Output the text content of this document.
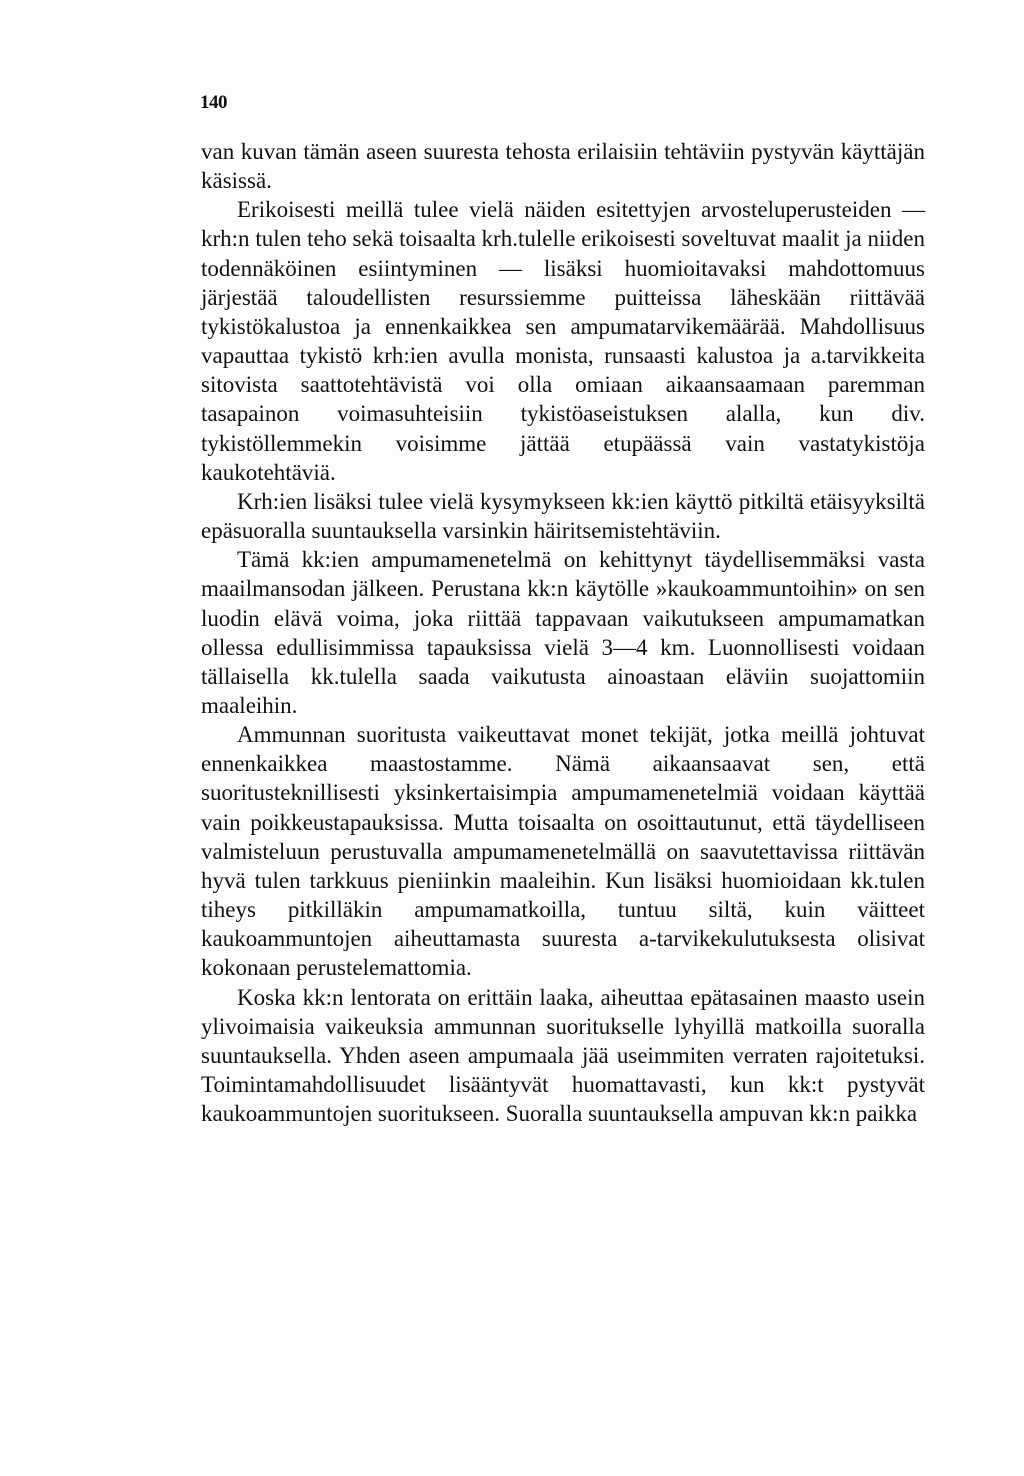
140

van kuvan tämän aseen suuresta tehosta erilaisiin tehtäviin pystyvän käyttäjän käsissä.

Erikoisesti meillä tulee vielä näiden esitettyjen arvosteluperusteiden — krh:n tulen teho sekä toisaalta krh.tulelle erikoisesti soveltuvat maalit ja niiden todennäköinen esiintyminen — lisäksi huomioitavaksi mahdottomuus järjestää taloudellisten resurssiemme puitteissa läheskään riittävää tykistökalustoa ja ennenkaikkea sen ampumatarvikemäärää. Mahdollisuus vapauttaa tykistö krh:ien avulla monista, runsaasti kalustoa ja a.tarvikkeita sitovista saattotehtävistä voi olla omiaan aikaansaamaan paremman tasapainon voimasuhteisiin tykistöaseistuksen alalla, kun div. tykistöllemmekin voisimme jättää etupäässä vain vastatykistöja kaukotehtäviä.

Krh:ien lisäksi tulee vielä kysymykseen kk:ien käyttö pitkiltä etäisyyksiltä epäsuoralla suuntauksella varsinkin häiritsemistehtäviin.

Tämä kk:ien ampumamenetelmä on kehittynyt täydellisemmäksi vasta maailmansodan jälkeen. Perustana kk:n käytölle »kaukoammuntoihin» on sen luodin elävä voima, joka riittää tappavaan vaikutukseen ampumamatkan ollessa edullisimmissa tapauksissa vielä 3—4 km. Luonnollisesti voidaan tällaisella kk.tulella saada vaikutusta ainoastaan eläviin suojattomiin maaleihin.

Ammunnan suoritusta vaikeuttavat monet tekijät, jotka meillä johtuvat ennenkaikkea maastostamme. Nämä aikaansaavat sen, että suoritusteknillisesti yksinkertaisimpia ampumamenetelmiä voidaan käyttää vain poikkeustapauksissa. Mutta toisaalta on osoittautunut, että täydelliseen valmisteluun perustuvalla ampumamenetelmällä on saavutettavissa riittävän hyvä tulen tarkkuus pieniinkin maaleihin. Kun lisäksi huomioidaan kk.tulen tiheys pitkilläkin ampumamatkoilla, tuntuu siltä, kuin väitteet kaukoammuntojen aiheuttamasta suuresta a-tarvikekulutuksesta olisivat kokonaan perustelemattomia.

Koska kk:n lentorata on erittäin laaka, aiheuttaa epätasainen maasto usein ylivoimaisia vaikeuksia ammunnan suoritukselle lyhyillä matkoilla suoralla suuntauksella. Yhden aseen ampumaala jää useimmiten verraten rajoitetuksi. Toimintamahdollisuudet lisääntyvät huomattavasti, kun kk:t pystyvät kaukoammuntojen suoritukseen. Suoralla suuntauksella ampuvan kk:n paikka
